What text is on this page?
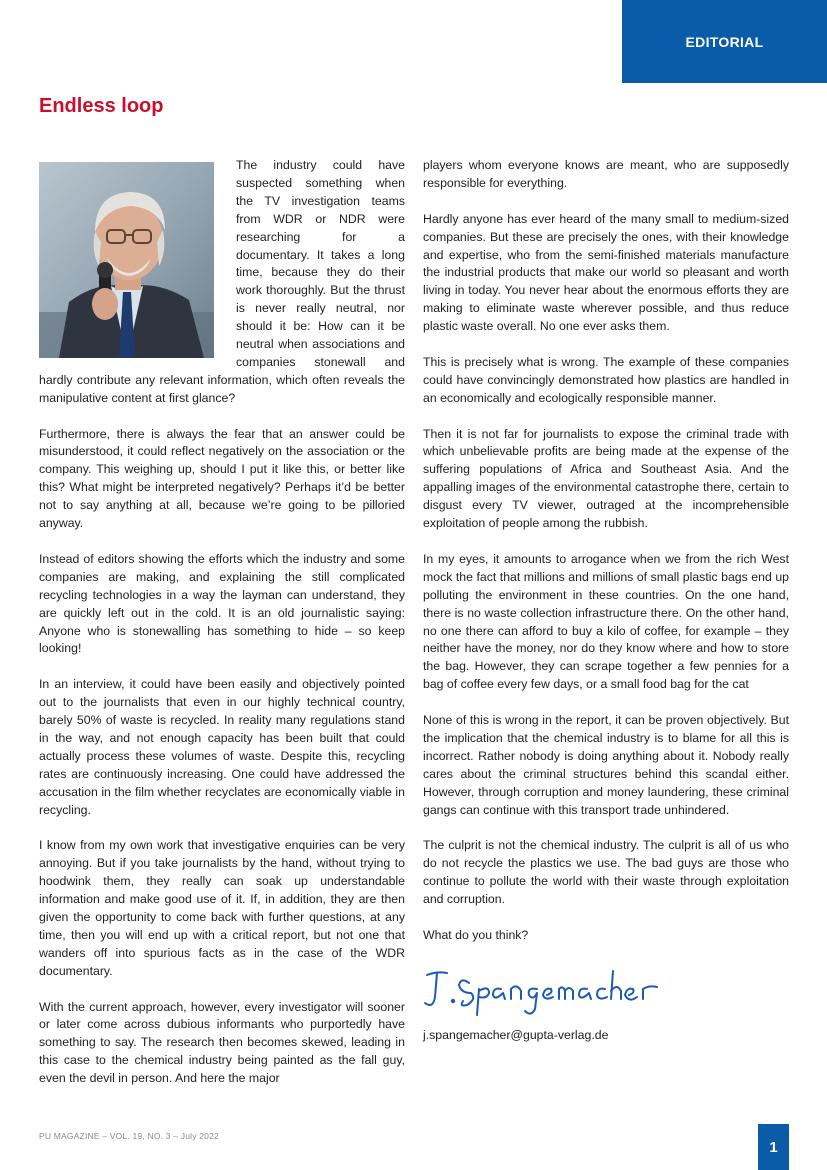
EDITORIAL
Endless loop

The industry could have suspected something when the TV investigation teams from WDR or NDR were researching for a documentary. It takes a long time, because they do their work thoroughly. But the thrust is never really neutral, nor should it be: How can it be neutral when associations and companies stonewall and hardly contribute any relevant information, which often reveals the manipulative content at first glance?

Furthermore, there is always the fear that an answer could be misunderstood, it could reflect negatively on the association or the company. This weighing up, should I put it like this, or better like this? What might be interpreted negatively? Perhaps it’d be better not to say anything at all, because we’re going to be pilloried anyway.

Instead of editors showing the efforts which the industry and some companies are making, and explaining the still complicated recycling technologies in a way the layman can understand, they are quickly left out in the cold. It is an old journalistic saying: Anyone who is stonewalling has something to hide – so keep looking!

In an interview, it could have been easily and objectively pointed out to the journalists that even in our highly technical country, barely 50% of waste is recycled. In reality many regulations stand in the way, and not enough capacity has been built that could actually process these volumes of waste. Despite this, recycling rates are continuously increasing. One could have addressed the accusation in the film whether recyclates are economically viable in recycling.

I know from my own work that investigative enquiries can be very annoying. But if you take journalists by the hand, without trying to hoodwink them, they really can soak up understandable information and make good use of it. If, in addition, they are then given the opportunity to come back with further questions, at any time, then you will end up with a critical report, but not one that wanders off into spurious facts as in the case of the WDR documentary.

With the current approach, however, every investigator will sooner or later come across dubious informants who purportedly have something to say. The research then becomes skewed, leading in this case to the chemical industry being painted as the fall guy, even the devil in person. And here the major

players whom everyone knows are meant, who are supposedly responsible for everything.

Hardly anyone has ever heard of the many small to medium-sized companies. But these are precisely the ones, with their knowledge and expertise, who from the semi-finished materials manufacture the industrial products that make our world so pleasant and worth living in today. You never hear about the enormous efforts they are making to eliminate waste wherever possible, and thus reduce plastic waste overall. No one ever asks them.

This is precisely what is wrong. The example of these companies could have convincingly demonstrated how plastics are handled in an economically and ecologically responsible manner.

Then it is not far for journalists to expose the criminal trade with which unbelievable profits are being made at the expense of the suffering populations of Africa and Southeast Asia. And the appalling images of the environmental catastrophe there, certain to disgust every TV viewer, outraged at the incomprehensible exploitation of people among the rubbish.

In my eyes, it amounts to arrogance when we from the rich West mock the fact that millions and millions of small plastic bags end up polluting the environment in these countries. On the one hand, there is no waste collection infrastructure there. On the other hand, no one there can afford to buy a kilo of coffee, for example – they neither have the money, nor do they know where and how to store the bag. However, they can scrape together a few pennies for a bag of coffee every few days, or a small food bag for the cat

None of this is wrong in the report, it can be proven objectively. But the implication that the chemical industry is to blame for all this is incorrect. Rather nobody is doing anything about it. Nobody really cares about the criminal structures behind this scandal either. However, through corruption and money laundering, these criminal gangs can continue with this transport trade unhindered.

The culprit is not the chemical industry. The culprit is all of us who do not recycle the plastics we use. The bad guys are those who continue to pollute the world with their waste through exploitation and corruption.

What do you think?

j.spangemacher@gupta-verlag.de
PU MAGAZINE – VOL. 19, NO. 3 – July 2022
1
